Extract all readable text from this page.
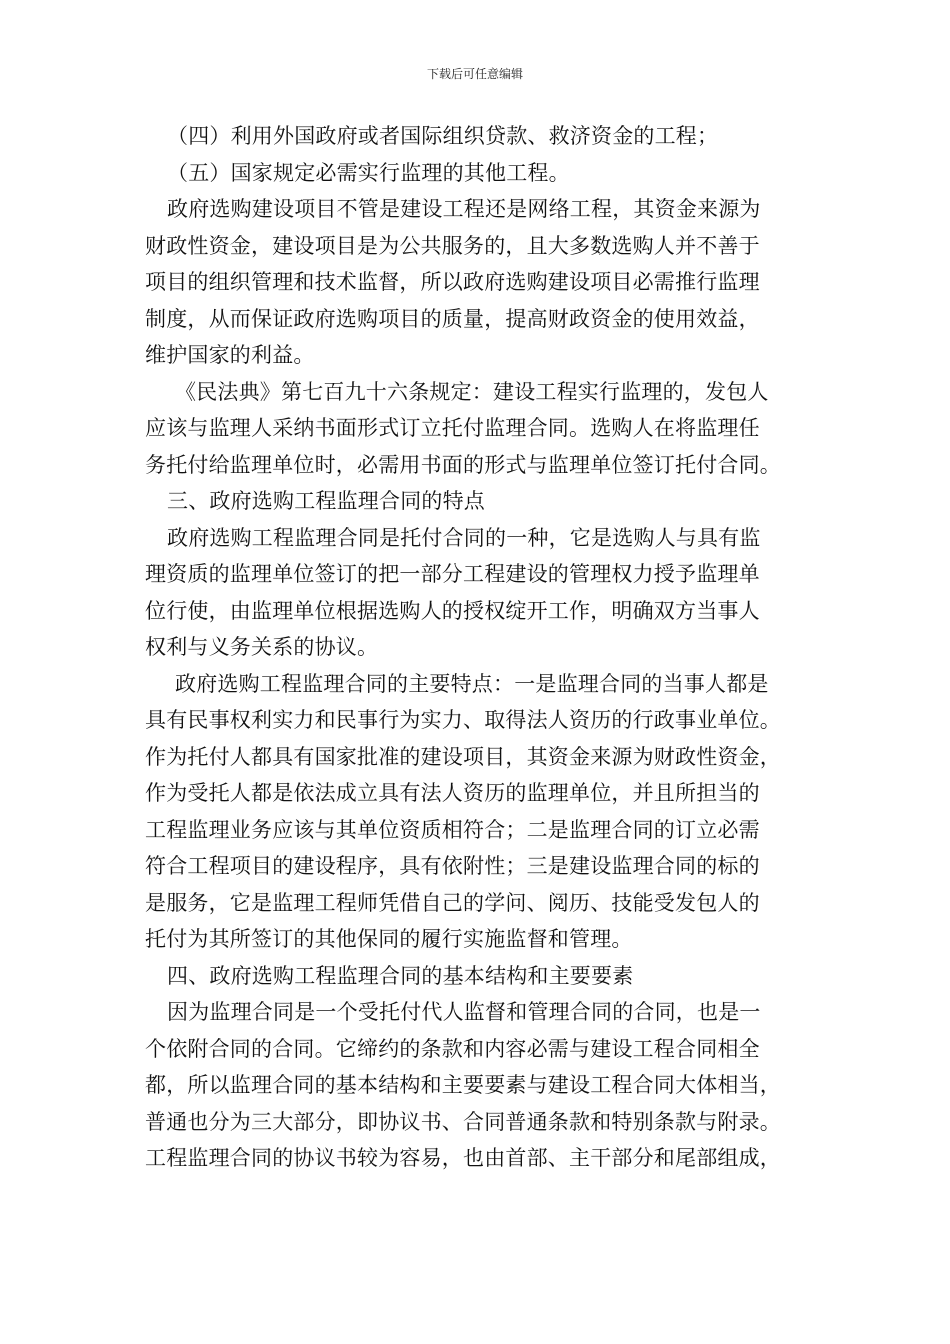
下载后可任意编辑
（四）利用外国政府或者国际组织贷款、救济资金的工程；
（五）国家规定必需实行监理的其他工程。
政府选购建设项目不管是建设工程还是网络工程，其资金来源为
财政性资金，建设项目是为公共服务的，且大多数选购人并不善于
项目的组织管理和技术监督，所以政府选购建设项目必需推行监理
制度，从而保证政府选购项目的质量，提高财政资金的使用效益，
维护国家的利益。
《民法典》第七百九十六条规定：建设工程实行监理的，发包人
应该与监理人采纳书面形式订立托付监理合同。选购人在将监理任
务托付给监理单位时，必需用书面的形式与监理单位签订托付合同。
三、政府选购工程监理合同的特点
政府选购工程监理合同是托付合同的一种，它是选购人与具有监
理资质的监理单位签订的把一部分工程建设的管理权力授予监理单
位行使，由监理单位根据选购人的授权绽开工作，明确双方当事人
权利与义务关系的协议。
政府选购工程监理合同的主要特点：一是监理合同的当事人都是
具有民事权利实力和民事行为实力、取得法人资历的行政事业单位。
作为托付人都具有国家批准的建设项目，其资金来源为财政性资金，
作为受托人都是依法成立具有法人资历的监理单位，并且所担当的
工程监理业务应该与其单位资质相符合；二是监理合同的订立必需
符合工程项目的建设程序，具有依附性；三是建设监理合同的标的
是服务，它是监理工程师凭借自己的学问、阅历、技能受发包人的
托付为其所签订的其他保同的履行实施监督和管理。
四、政府选购工程监理合同的基本结构和主要要素
因为监理合同是一个受托付代人监督和管理合同的合同，也是一
个依附合同的合同。它缔约的条款和内容必需与建设工程合同相全
都，所以监理合同的基本结构和主要要素与建设工程合同大体相当，
普通也分为三大部分，即协议书、合同普通条款和特别条款与附录。
工程监理合同的协议书较为容易，也由首部、主干部分和尾部组成，
